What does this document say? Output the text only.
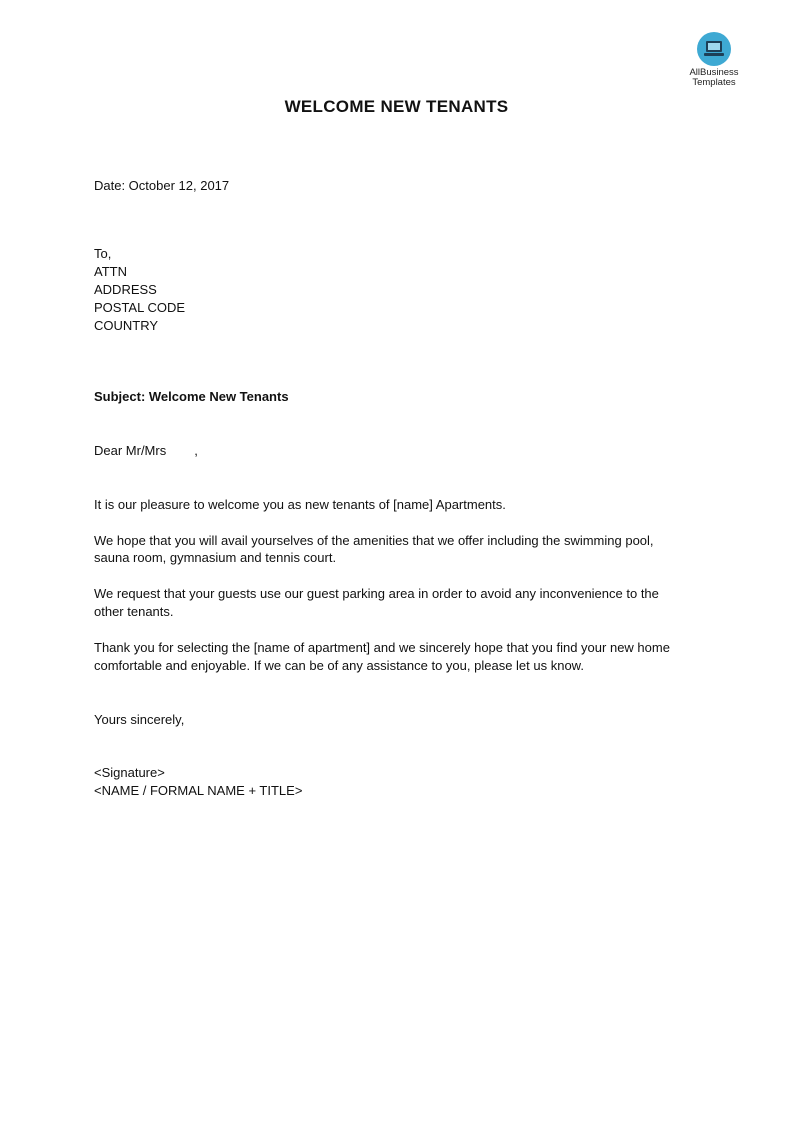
AllBusiness
Templates
WELCOME NEW TENANTS
Date: October 12, 2017
To,
ATTN
ADDRESS
POSTAL CODE
COUNTRY
Subject: Welcome New Tenants
Dear Mr/Mrs ,
It is our pleasure to welcome you as new tenants of [name] Apartments.
We hope that you will avail yourselves of the amenities that we offer including the swimming pool,
sauna room, gymnasium and tennis court.
We request that your guests use our guest parking area in order to avoid any inconvenience to the
other tenants.
Thank you for selecting the [name of apartment] and we sincerely hope that you find your new home
comfortable and enjoyable. If we can be of any assistance to you, please let us know.
Yours sincerely,
<Signature>
<NAME / FORMAL NAME + TITLE>
